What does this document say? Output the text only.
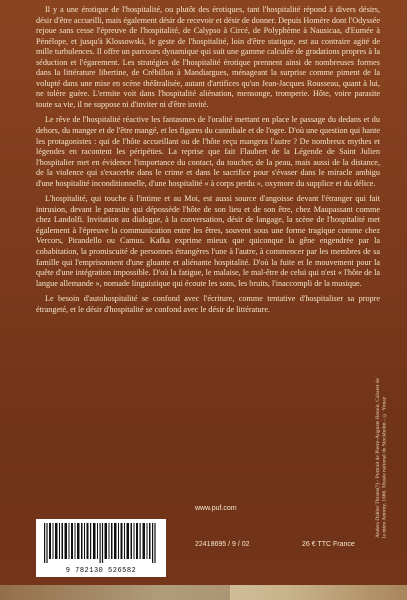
Il y a une érotique de l'hospitalité, ou plutôt des érotiques, tant l'hospitalité répond à divers désirs, désir d'être accueilli, mais également désir de recevoir et désir de donner. Depuis Homère dont l'Odyssée rejoue sans cesse l'épreuve de l'hospitalité, de Calypso à Circé, de Polyphème à Nausicaa, d'Eumée à Pénélope, et jusqu'à Klossowski, le geste de l'hospitalité, loin d'être statique, est au contraire agité de mille turbulences. Il offre un parcours dynamique qui suit une gamme calculée de gradations propres à la séduction et l'égarement. Les stratégies de l'hospitalité érotique prennent ainsi de nombreuses formes dans la littérature libertine, de Crébillon à Mandiargues, ménageant la surprise comme piment de la volupté dans une mise en scène théâtralisée, autant d'artifices qu'un Jean-Jacques Rousseau, quant à lui, ne tolère guère. L'ermite voit dans l'hospitalité aliénation, mensonge, tromperie. Hôte, voire parasite toute sa vie, il ne suppose ni d'inviter ni d'être invité.

Le rêve de l'hospitalité réactive les fantasmes de l'oralité mettant en place le passage du dedans et du dehors, du manger et de l'être mangé, et les figures du cannibale et de l'ogre. D'où une question qui hante les protagonistes : qui de l'hôte accueillant ou de l'hôte reçu mangera l'autre ? De nombreux mythes et légendes en racontent les péripéties. La reprise que fait Flaubert de la Légende de Saint Julien l'hospitalier met en évidence l'importance du contact, du toucher, de la peau, mais aussi de la distance, de la violence qui s'exacerbe dans le crime et dans le sacrifice pour s'évaser dans le miracle ambigu d'une hospitalité inconditionnelle, d'une hospitalité « à corps perdu », oxymore du supplice et du délice.

L'hospitalité, qui touche à l'intime et au Moi, est aussi source d'angoisse devant l'étranger qui fait intrusion, devant le parasite qui dépossède l'hôte de son lieu et de son être, chez Maupassant comme chez Landolfi. Invitation au dialogue, à la conversation, désir de langage, la scène de l'hospitalité met également à l'épreuve la communication entre les êtres, souvent sous une forme tragique comme chez Vercors, Pirandello ou Camus. Kafka exprime mieux que quiconque la gêne engendrée par la cohabitation, la promiscuité de personnes étrangères l'une à l'autre, à commencer par les membres de sa famille qui l'emprisonnent d'une gluante et aliénante hospitalité. D'où la fuite et le mouvement pour la quête d'une intégration impossible. D'où la fatigue, le malaise, le mal-être de celui qui n'est « l'hôte de la langue allemande », nomade linguistique qui écoute les sons, les bruits, l'inaccompli de la musique.

Le besoin d'autohospitalité se confond avec l'écriture, comme tentative d'hospitaliser sa propre étrangeté, et le désir d'hospitalité se confond avec le désir de littérature.

Anders Dahler Thrane(?) - Portrait de Pierre-Auguste Renoir. Cabaret de la mère Antony, 1866. Musée national de Stockholm - © Yonaz
www.puf.com
9 782130 526582
22418695 / 9 / 02	26 € TTC France
